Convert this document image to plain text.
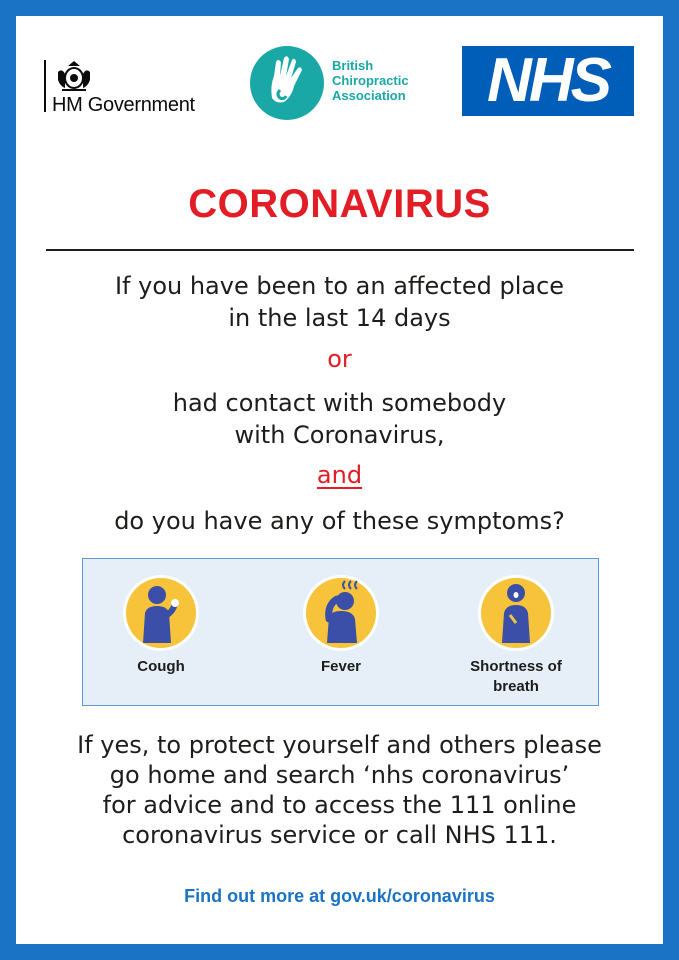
HM Government
British
Chiropractic
Association NHS
CORONAVIRUS
If you have been to an affected place
in the last 14 days
or
had contact with somebody
with Coronavirus,
and
do you have any of these symptoms?
Cough	Fever	Shortness of
breath
If yes, to protect yourself and others please
go home and search ‘nhs coronavirus’
for advice and to access the 111 online
coronavirus service or call NHS 111.
Find out more at gov.uk/coronavirus
